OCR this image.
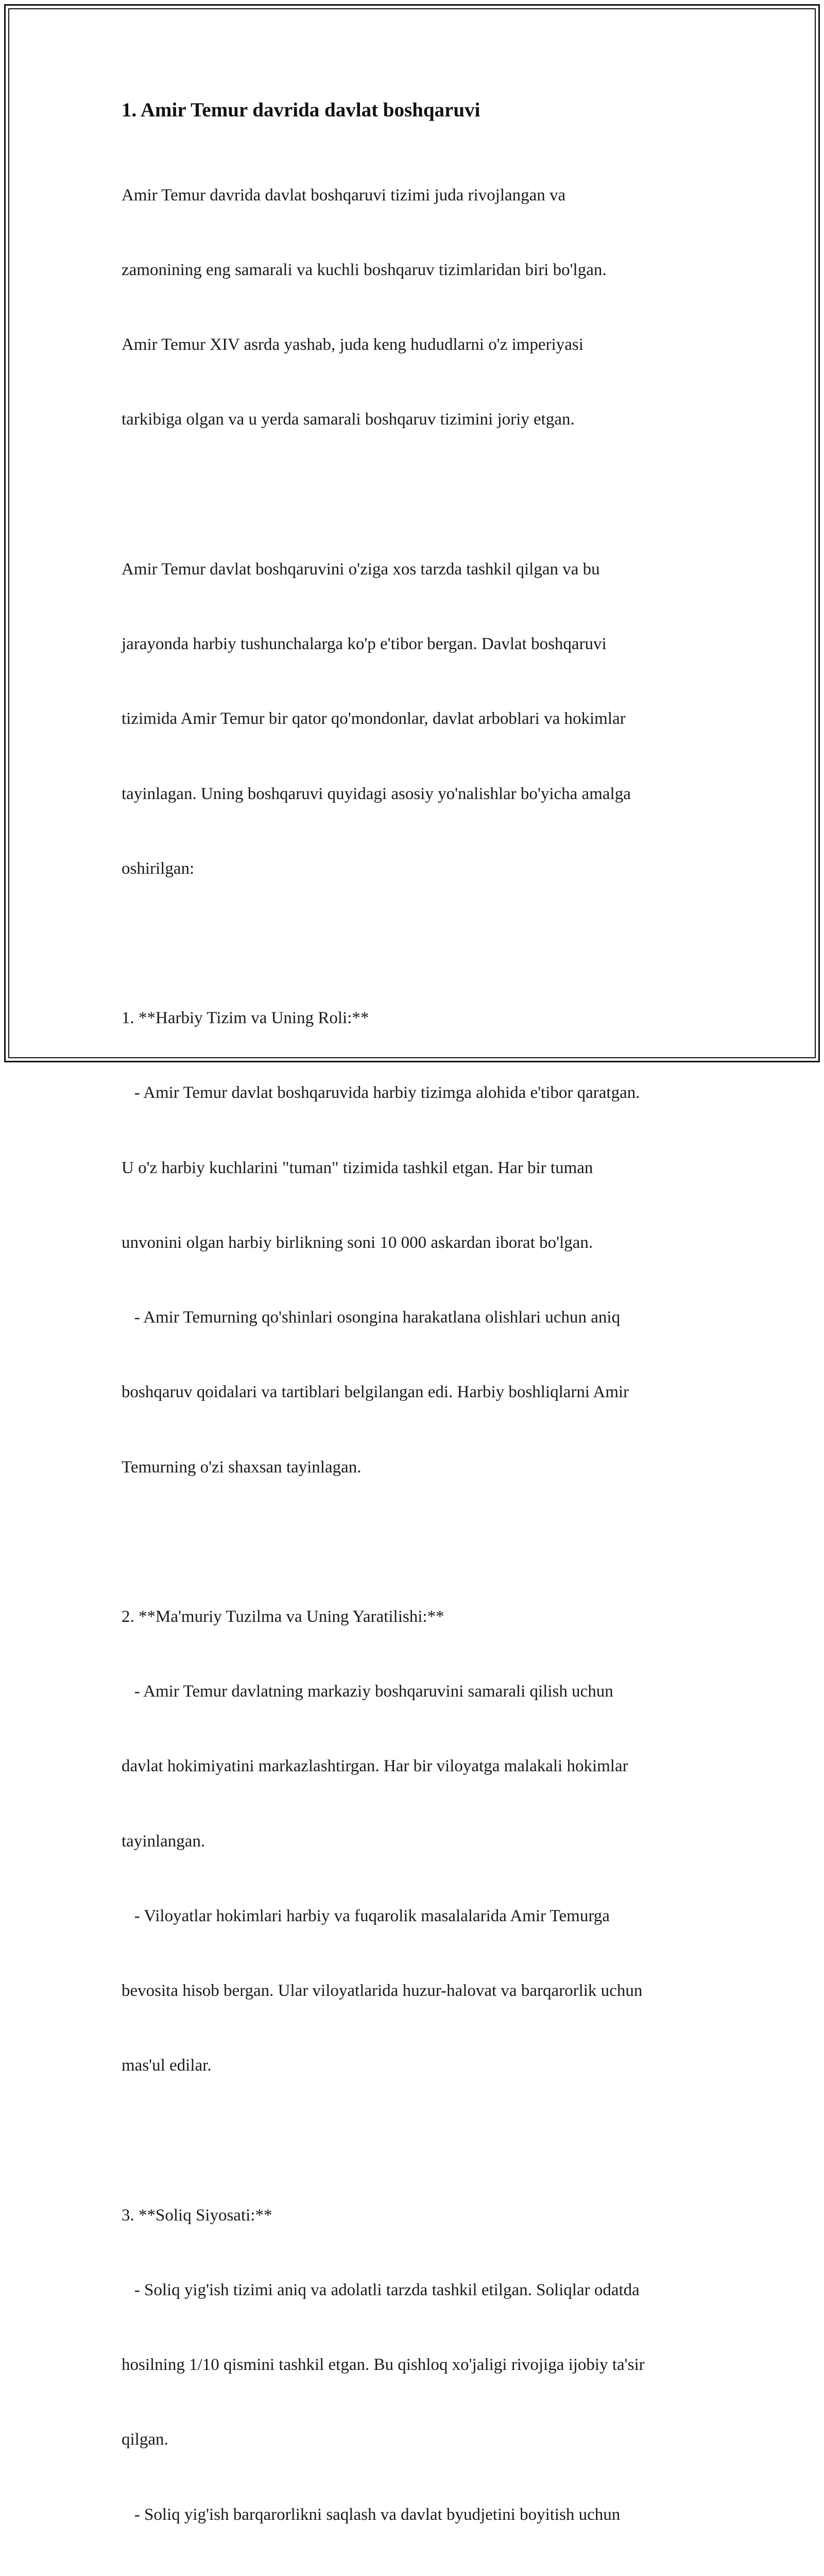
1. Amir Temur davrida davlat boshqaruvi

Amir Temur davrida davlat boshqaruvi tizimi juda rivojlangan va

zamonining eng samarali va kuchli boshqaruv tizimlaridan biri bo'lgan.

Amir Temur XIV asrda yashab, juda keng hududlarni o'z imperiyasi

tarkibiga olgan va u yerda samarali boshqaruv tizimini joriy etgan.

Amir Temur davlat boshqaruvini o'ziga xos tarzda tashkil qilgan va bu

jarayonda harbiy tushunchalarga ko'p e'tibor bergan. Davlat boshqaruvi

tizimida Amir Temur bir qator qo'mondonlar, davlat arboblari va hokimlar

tayinlagan. Uning boshqaruvi quyidagi asosiy yo'nalishlar bo'yicha amalga

oshirilgan:

1. **Harbiy Tizim va Uning Roli:**

- Amir Temur davlat boshqaruvida harbiy tizimga alohida e'tibor qaratgan.

U o'z harbiy kuchlarini "tuman" tizimida tashkil etgan. Har bir tuman

unvonini olgan harbiy birlikning soni 10 000 askardan iborat bo'lgan.

- Amir Temurning qo'shinlari osongina harakatlana olishlari uchun aniq

boshqaruv qoidalari va tartiblari belgilangan edi. Harbiy boshliqlarni Amir

Temurning o'zi shaxsan tayinlagan.

2. **Ma'muriy Tuzilma va Uning Yaratilishi:**

- Amir Temur davlatning markaziy boshqaruvini samarali qilish uchun

davlat hokimiyatini markazlashtirgan. Har bir viloyatga malakali hokimlar

tayinlangan.

- Viloyatlar hokimlari harbiy va fuqarolik masalalarida Amir Temurga

bevosita hisob bergan. Ular viloyatlarida huzur-halovat va barqarorlik uchun

mas'ul edilar.

3. **Soliq Siyosati:**

- Soliq yig'ish tizimi aniq va adolatli tarzda tashkil etilgan. Soliqlar odatda

hosilning 1/10 qismini tashkil etgan. Bu qishloq xo'jaligi rivojiga ijobiy ta'sir

qilgan.

- Soliq yig'ish barqarorlikni saqlash va davlat byudjetini boyitish uchun
